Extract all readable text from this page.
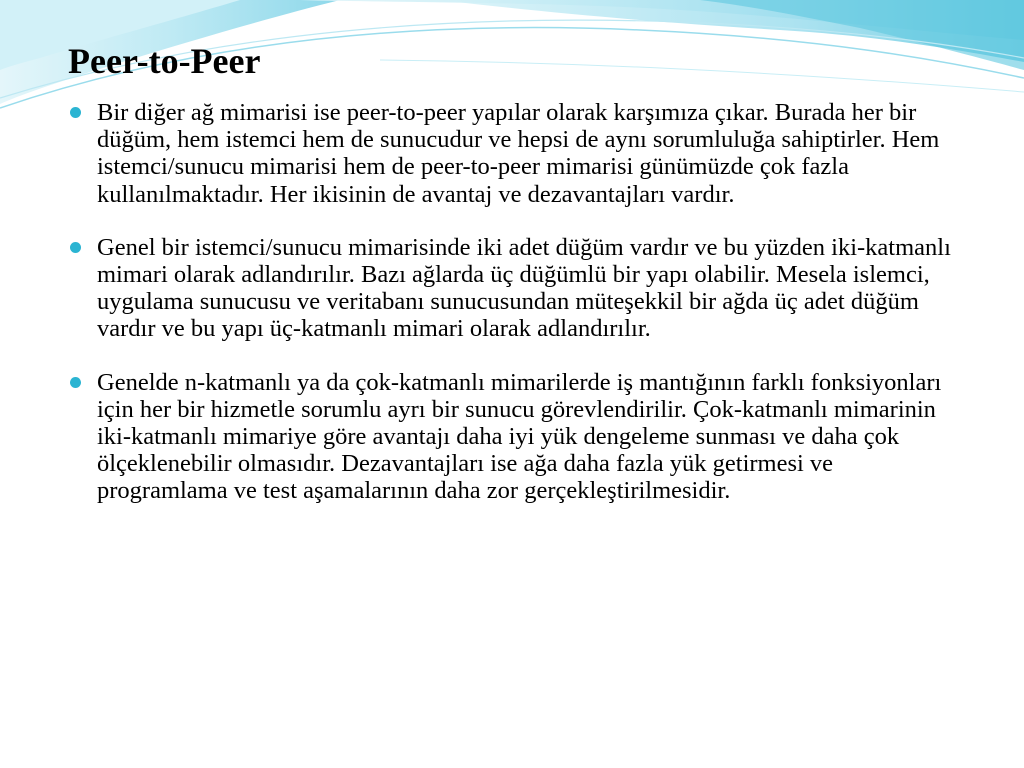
Peer-to-Peer
Bir diğer ağ mimarisi ise peer-to-peer yapılar olarak karşımıza çıkar. Burada her bir düğüm, hem istemci hem de sunucudur ve hepsi de aynı sorumluluğa sahiptirler. Hem istemci/sunucu mimarisi hem de peer-to-peer mimarisi günümüzde çok fazla kullanılmaktadır. Her ikisinin de avantaj ve dezavantajları vardır.
Genel bir istemci/sunucu mimarisinde iki adet düğüm vardır ve bu yüzden iki-katmanlı mimari olarak adlandırılır. Bazı ağlarda üç düğümlü bir yapı olabilir. Mesela islemci, uygulama sunucusu ve veritabanı sunucusundan müteşekkil bir ağda üç adet düğüm vardır ve bu yapı üç-katmanlı mimari olarak adlandırılır.
Genelde n-katmanlı ya da çok-katmanlı mimarilerde iş mantığının farklı fonksiyonları için her bir hizmetle sorumlu ayrı bir sunucu görevlendirilir. Çok-katmanlı mimarinin iki-katmanlı mimariye göre avantajı daha iyi yük dengeleme sunması ve daha çok ölçeklenebilir olmasıdır. Dezavantajları ise ağa daha fazla yük getirmesi ve programlama ve test aşamalarının daha zor gerçekleştirilmesidir.
